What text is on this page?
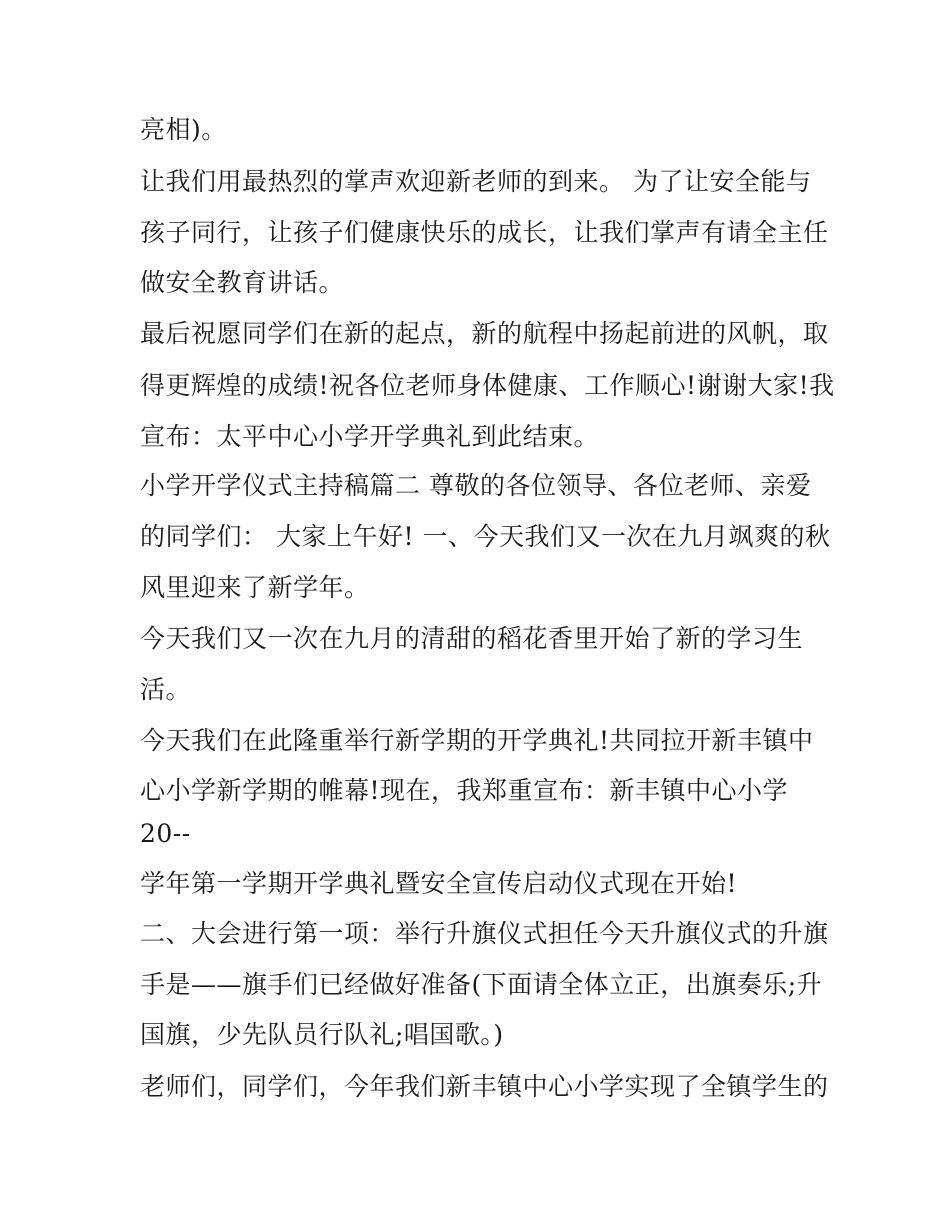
亮相)。
让我们用最热烈的掌声欢迎新老师的到来。 为了让安全能与
孩子同行，让孩子们健康快乐的成长，让我们掌声有请全主任
做安全教育讲话。
最后祝愿同学们在新的起点，新的航程中扬起前进的风帆，取
得更辉煌的成绩!祝各位老师身体健康、工作顺心!谢谢大家!我
宣布：太平中心小学开学典礼到此结束。
小学开学仪式主持稿篇二 尊敬的各位领导、各位老师、亲爱
的同学们： 大家上午好! 一、今天我们又一次在九月飒爽的秋
风里迎来了新学年。
今天我们又一次在九月的清甜的稻花香里开始了新的学习生
活。
今天我们在此隆重举行新学期的开学典礼!共同拉开新丰镇中
心小学新学期的帷幕!现在，我郑重宣布：新丰镇中心小学
20--
学年第一学期开学典礼暨安全宣传启动仪式现在开始!
二、大会进行第一项：举行升旗仪式担任今天升旗仪式的升旗
手是——旗手们已经做好准备(下面请全体立正，出旗奏乐;升
国旗，少先队员行队礼;唱国歌。)
老师们，同学们，今年我们新丰镇中心小学实现了全镇学生的
